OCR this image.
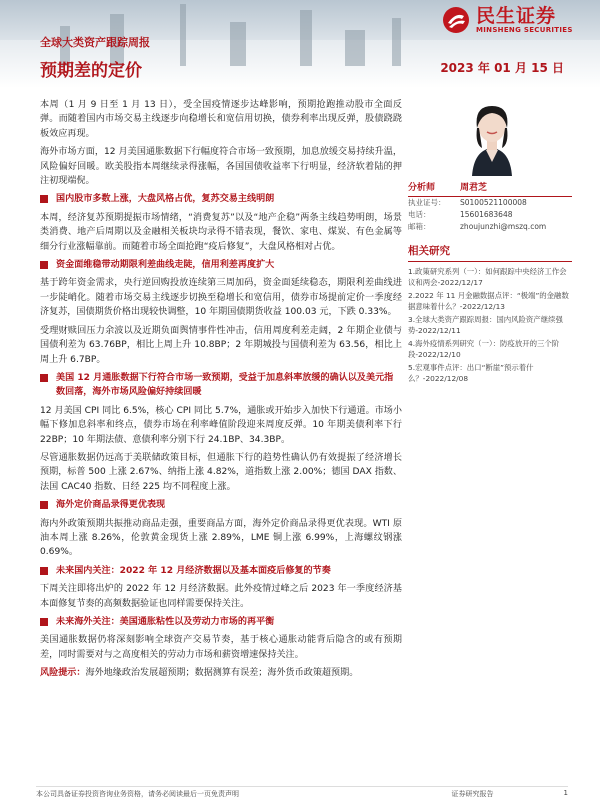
民生证券
MINSHENG SECURITIES
全球大类资产跟踪周报
预期差的定价	2023 年 01 月 15 日

本周（1 月 9 日至 1 月 13 日），受全国疫情逐步达峰影响，预期抢跑推动股市全面反弹。而随着国内市场交易主线逐步向稳增长和宽信用切换，债券利率出现反弹，股债跷跷板效应再现。

海外市场方面，12 月美国通胀数据下行幅度符合市场一致预期，加息放缓交易持续升温，风险偏好回暖。欧美股指本周继续录得涨幅，各国国债收益率下行明显，经济软着陆的押注初现端倪。

国内股市多数上涨，大盘风格占优，复苏交易主线明朗

本周，经济复苏预期提振市场情绪，“消费复苏”以及“地产企稳”两条主线趋势明朗，场景类消费、地产后周期以及金融相关板块均录得不错表现，餐饮、家电、煤炭、有色金属等细分行业涨幅靠前。而随着市场全面抢跑“疫后修复”，大盘风格相对占优。

资金面维稳带动期限利差曲线走陡，信用利差再度扩大

基于跨年资金需求，央行逆回购投放连续第三周加码，资金面延续稳态，期限利差曲线进一步陡峭化。随着市场交易主线逐步切换至稳增长和宽信用，债券市场提前定价一季度经济复苏，国债期货价格出现较快调整，10 年期国债期货收益 100.03 元，下跌 0.33%。

受理财赎回压力余波以及近期负面舆情事件性冲击，信用周度利差走阔，2 年期企业债与国债利差为 63.76BP，相比上周上升 10.8BP；2 年期城投与国债利差为 63.56，相比上周上升 6.7BP。

美国 12 月通胀数据下行符合市场一致预期，受益于加息斜率放缓的确认以及美元指数回落，海外市场风险偏好持续回暖

12 月美国 CPI 同比 6.5%，核心 CPI 同比 5.7%，通胀或开始步入加快下行通道。市场小幅下修加息斜率和终点，债券市场在利率峰值阶段迎来周度反弹。10 年期美债利率下行 22BP；10 年期法债、意债利率分别下行 24.1BP、34.3BP。

尽管通胀数据仍远高于美联储政策目标，但通胀下行的趋势性确认仍有效提振了经济增长预期，标普 500 上涨 2.67%、纳指上涨 4.82%，道指数上涨 2.00%；德国 DAX 指数、法国 CAC40 指数、日经 225 均不同程度上涨。

海外定价商品录得更优表现

海内外政策预期共振推动商品走强，重要商品方面，海外定价商品录得更优表现。WTI 原油本周上涨 8.26%，伦敦黄金现货上涨 2.89%，LME 铜上涨 6.99%，上海螺纹钢涨 0.69%。

未来国内关注：2022 年 12 月经济数据以及基本面疫后修复的节奏

下周关注即将出炉的 2022 年 12 月经济数据。此外疫情过峰之后 2023 年一季度经济基本面修复节奏的高频数据验证也同样需要保持关注。

未来海外关注：美国通胀粘性以及劳动力市场的再平衡

美国通胀数据仍将深刻影响全球资产交易节奏，基于核心通胀动能背后隐含的或有预期差，同时需要对与之高度相关的劳动力市场和薪资增速保持关注。

风险提示：海外地缘政治发展超预期；数据测算有误差；海外货币政策超预期。

分析师	周君芝
执业证号：	S0100521100008
电话：	15601683648
邮箱：	zhoujunzhi@mszq.com
相关研究
1.政策研究系列（一）：如何跟踪中央经济工作会议和两会-2022/12/17
2.2022 年 11 月金融数据点评：“极端”的金融数据意味着什么？-2022/12/13
3.全球大类资产跟踪周报：国内风险资产继续强势-2022/12/11
4.海外疫情系列研究（一）：防疫放开的三个阶段-2022/12/10
5.宏观事件点评：出口“断崖”预示着什么？-2022/12/08
本公司具备证券投资咨询业务资格，请务必阅读最后一页免责声明	证券研究报告	1
